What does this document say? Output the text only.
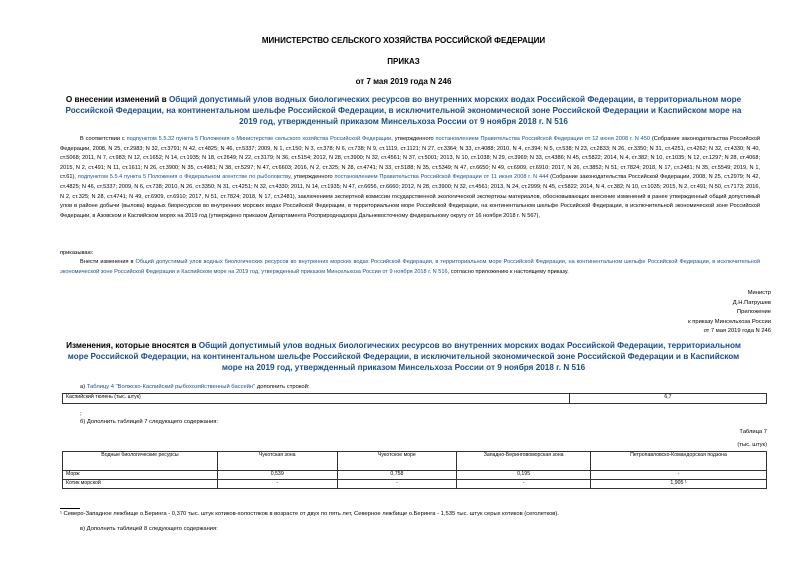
МИНИСТЕРСТВО СЕЛЬСКОГО ХОЗЯЙСТВА РОССИЙСКОЙ ФЕДЕРАЦИИ
ПРИКАЗ
от 7 мая 2019 года N 246
О внесении изменений в Общий допустимый улов водных биологических ресурсов во внутренних морских водах Российской Федерации, в территориальном море Российской Федерации, на континентальном шельфе Российской Федерации, в исключительной экономической зоне Российской Федерации и Каспийском море на 2019 год, утвержденный приказом Минсельхоза России от 9 ноября 2018 г. N 516
В соответствии с подпунктом 5.5.32 пункта 5 Положения о Министерстве сельского хозяйства Российской Федерации, утвержденного постановлением Правительства Российской Федерации от 12 июня 2008 г. N 450 (Собрание законодательства Российской Федерации, 2008, N 25, ст.2983; N 32, ст.3791; N 42, ст.4825; N 46, ст.5337; 2009, N 1, ст.150; N 3, ст.378; N 6, ст.738; N 9, ст.1119, ст.1121; N 27, ст.3364; N 33, ст.4088; 2010, N 4, ст.394; N 5, ст.538; N 23, ст.2833; N 26, ст.3350; N 31, ст.4251, ст.4262; N 32, ст.4330; N 40, ст.5068; 2011, N 7, ст.983; N 12, ст.1652; N 14, ст.1935; N 18, ст.2649; N 22, ст.3179; N 36, ст.5154; 2012, N 28, ст.3900; N 32, ст.4561; N 37, ст.5001; 2013, N 10, ст.1038; N 29, ст.3969; N 33, ст.4386; N 45, ст.5822; 2014, N 4, ст.382; N 10, ст.1035; N 12, ст.1297; N 28, ст.4068; 2015, N 2, ст.491; N 11, ст.1611; N 26, ст.3900; N 35, ст.4981; N 38, ст.5297; N 47, ст.6603; 2016, N 2, ст.325; N 28, ст.4741; N 33, ст.5188; N 35, ст.5349; N 47, ст.6650; N 49, ст.6909, ст.6910; 2017, N 26, ст.3852; N 51, ст.7824; 2018, N 17, ст.2481; N 35, ст.5549; 2019, N 1, ст.61), подпунктом 5.5.4 пункта 5 Положения о Федеральном агентстве по рыболовству, утвержденного постановлением Правительства Российской Федерации от 11 июня 2008 г. N 444 (Собрание законодательства Российской Федерации, 2008, N 25, ст.2979; N 42, ст.4825; N 46, ст.5337; 2009, N 6, ст.738; 2010, N 26, ст.3350; N 31, ст.4251; N 32, ст.4330; 2011, N 14, ст.1935; N 47, ст.6656, ст.6660; 2012, N 28, ст.3900; N 32, ст.4561; 2013, N 24, ст.2999; N 45, ст.5822; 2014, N 4, ст.382; N 10, ст.1035; 2015, N 2, ст.491; N 50, ст.7173; 2016, N 2, ст.325; N 28, ст.4741; N 49, ст.6909, ст.6910; 2017, N 51, ст.7824; 2018, N 17, ст.2481), заключением экспертной комиссии государственной экологической экспертизы материалов, обосновывающих внесение изменений в ранее утвержденный общий допустимый улов в районе добычи (вылова) водных биоресурсов во внутренних морских водах Российской Федерации, в территориальном море Российской Федерации, на континентальном шельфе Российской Федерации, в исключительной экономической зоне Российской Федерации, в Азовском и Каспийском морях на 2019 год (утверждено приказом Департамента Росприроднадзора Дальневосточному федеральному округу от 16 ноября 2018 г. N 567),
приказываю:
Внести изменения в Общий допустимый улов водных биологических ресурсов во внутренних морских водах Российской Федерации, в территориальном море Российской Федерации, на континентальном шельфе Российской Федерации, в исключительной экономической зоне Российской Федерации и Каспийском море на 2019 год, утвержденный приказом Минсельхоза России от 9 ноября 2018 г. N 516, согласно приложению к настоящему приказу.
Министр
Д.Н.Патрушев
Приложение
к приказу Минсельхоза России
от 7 мая 2019 года N 246
Изменения, которые вносятся в Общий допустимый улов водных биологических ресурсов во внутренних морских водах Российской Федерации, территориальном море Российской Федерации, на континентальном шельфе Российской Федерации, в исключительной экономической зоне Российской Федерации и в Каспийском море на 2019 год, утвержденный приказом Минсельхоза России от 9 ноября 2018 г. N 516
а) Таблицу 4 "Волжско-Каспийский рыбохозяйственный бассейн" дополнить строкой:
Каспийский тюлень (тыс. штук)	6,7
;
б) Дополнить таблицей 7 следующего содержания:
Таблица 7
(тыс. штук)
Водные биологические ресурсы	Чукотская зона	Чукотское море	Западно-Беринговоморская зона	Петропавловско-Командорская подзона
Морж	0,539	0,758	0,195	-
Котик морской	-	-	-	1,905 ¹
¹ Северо-Западное лежбище о.Беринга - 0,370 тыс. штук котиков-холостяков в возрасте от двух по пять лет, Северное лежбище о.Беринга - 1,535 тыс. штук серых котиков (сеголетков).
в) Дополнить таблицей 8 следующего содержания:
